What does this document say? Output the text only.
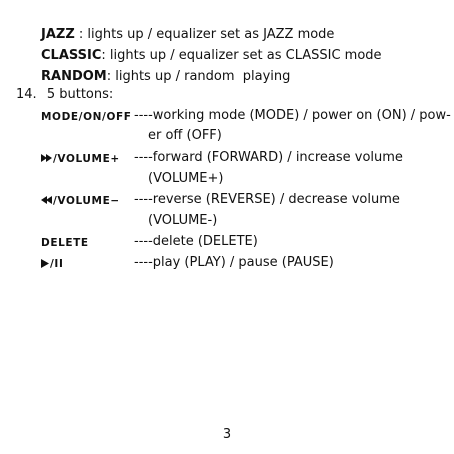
JAZZ : lights up / equalizer set as JAZZ mode
CLASSIC: lights up / equalizer set as CLASSIC mode
RANDOM: lights up / random  playing
14. 5 buttons:
MODE/ON/OFF ----working mode (MODE) / power on (ON) / pow-
er off (OFF)
/VOLUME+ ----forward (FORWARD) / increase volume
(VOLUME+)
/VOLUME− ----reverse (REVERSE) / decrease volume
(VOLUME-)
DELETE	----delete (DELETE)
/II	----play (PLAY) / pause (PAUSE)
3
